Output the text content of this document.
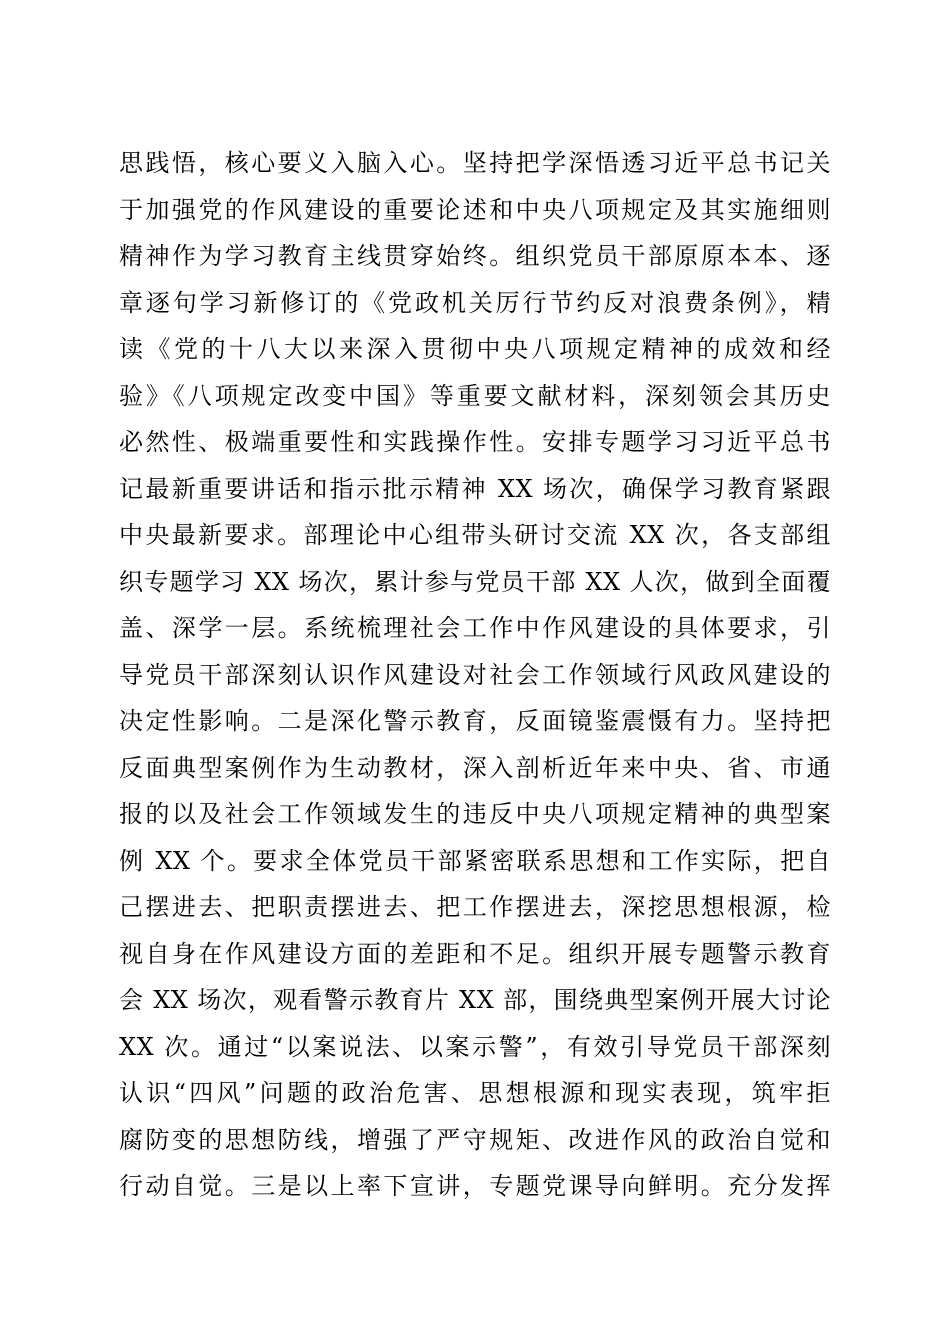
思践悟，核心要义入脑入心。坚持把学深悟透习近平总书记关
于加强党的作风建设的重要论述和中央八项规定及其实施细则
精神作为学习教育主线贯穿始终。组织党员干部原原本本、逐
章逐句学习新修订的《党政机关厉行节约反对浪费条例》，精
读《党的十八大以来深入贯彻中央八项规定精神的成效和经
验》《八项规定改变中国》等重要文献材料，深刻领会其历史
必然性、极端重要性和实践操作性。安排专题学习习近平总书
记最新重要讲话和指示批示精神 XX 场次，确保学习教育紧跟
中央最新要求。部理论中心组带头研讨交流 XX 次，各支部组
织专题学习 XX 场次，累计参与党员干部 XX 人次，做到全面覆
盖、深学一层。系统梳理社会工作中作风建设的具体要求，引
导党员干部深刻认识作风建设对社会工作领域行风政风建设的
决定性影响。二是深化警示教育，反面镜鉴震慑有力。坚持把
反面典型案例作为生动教材，深入剖析近年来中央、省、市通
报的以及社会工作领域发生的违反中央八项规定精神的典型案
例 XX 个。要求全体党员干部紧密联系思想和工作实际，把自
己摆进去、把职责摆进去、把工作摆进去，深挖思想根源，检
视自身在作风建设方面的差距和不足。组织开展专题警示教育
会 XX 场次，观看警示教育片 XX 部，围绕典型案例开展大讨论
XX 次。通过“以案说法、以案示警”，有效引导党员干部深刻
认识“四风”问题的政治危害、思想根源和现实表现，筑牢拒
腐防变的思想防线，增强了严守规矩、改进作风的政治自觉和
行动自觉。三是以上率下宣讲，专题党课导向鲜明。充分发挥
